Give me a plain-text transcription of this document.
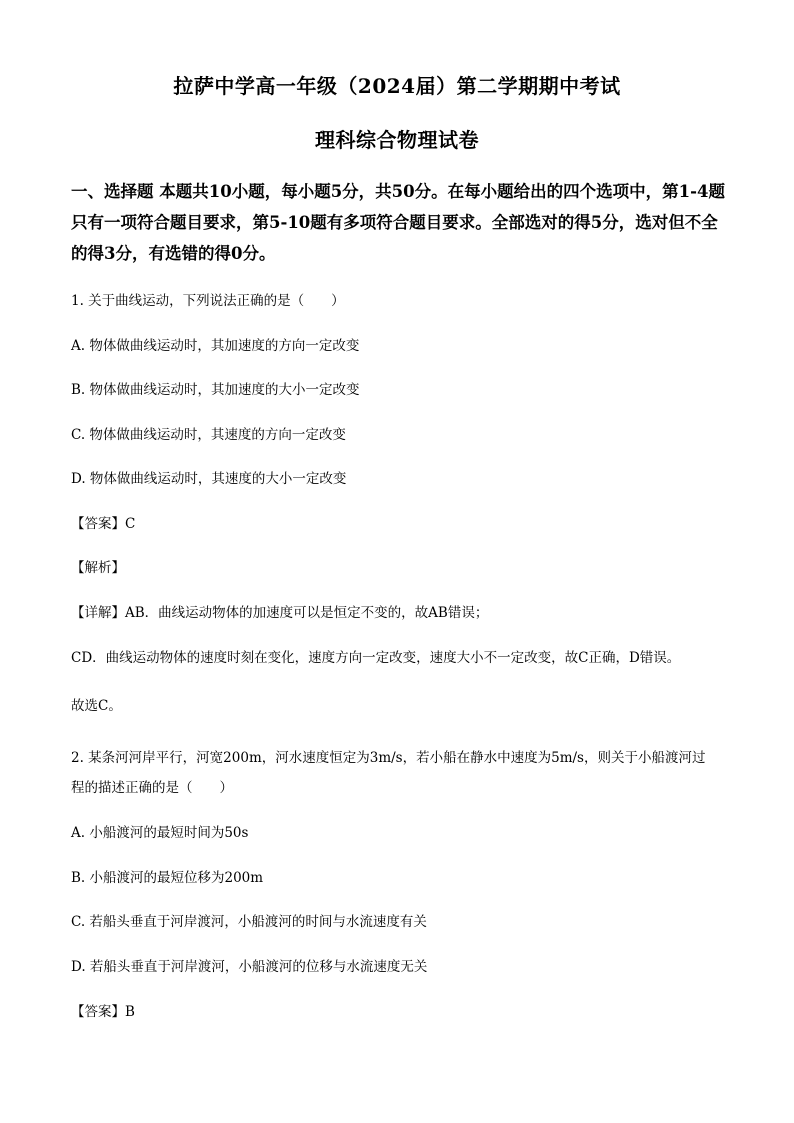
拉萨中学高一年级（2024届）第二学期期中考试
理科综合物理试卷
一、选择题 本题共10小题，每小题5分，共50分。在每小题给出的四个选项中，第1-4题只有一项符合题目要求，第5-10题有多项符合题目要求。全部选对的得5分，选对但不全的得3分，有选错的得0分。
1. 关于曲线运动，下列说法正确的是（　　）
A. 物体做曲线运动时，其加速度的方向一定改变
B. 物体做曲线运动时，其加速度的大小一定改变
C. 物体做曲线运动时，其速度的方向一定改变
D. 物体做曲线运动时，其速度的大小一定改变
【答案】C
【解析】
【详解】AB．曲线运动物体的加速度可以是恒定不变的，故AB错误；
CD．曲线运动物体的速度时刻在变化，速度方向一定改变，速度大小不一定改变，故C正确，D错误。
故选C。
2. 某条河河岸平行，河宽200m，河水速度恒定为3m/s，若小船在静水中速度为5m/s，则关于小船渡河过
程的描述正确的是（　　）
A. 小船渡河的最短时间为50s
B. 小船渡河的最短位移为200m
C. 若船头垂直于河岸渡河，小船渡河的时间与水流速度有关
D. 若船头垂直于河岸渡河，小船渡河的位移与水流速度无关
【答案】B
